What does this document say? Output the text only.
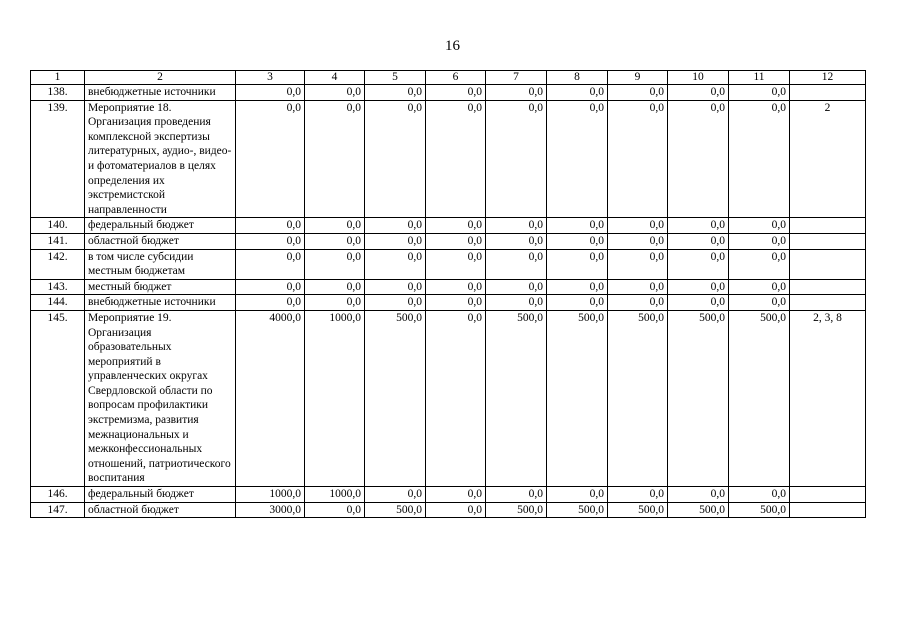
16
1	2	3	4	5	6	7	8	9	10	11	12
138.	внебюджетные источники	0,0	0,0	0,0	0,0	0,0	0,0	0,0	0,0	0,0	
139.	Мероприятие 18. Организация проведения комплексной экспертизы литературных, аудио-, видео- и фотоматериалов в целях определения их экстремистской направленности	0,0	0,0	0,0	0,0	0,0	0,0	0,0	0,0	0,0	2
140.	федеральный бюджет	0,0	0,0	0,0	0,0	0,0	0,0	0,0	0,0	0,0	
141.	областной бюджет	0,0	0,0	0,0	0,0	0,0	0,0	0,0	0,0	0,0	
142.	в том числе субсидии местным бюджетам	0,0	0,0	0,0	0,0	0,0	0,0	0,0	0,0	0,0	
143.	местный бюджет	0,0	0,0	0,0	0,0	0,0	0,0	0,0	0,0	0,0	
144.	внебюджетные источники	0,0	0,0	0,0	0,0	0,0	0,0	0,0	0,0	0,0	
145.	Мероприятие 19. Организация образовательных мероприятий в управленческих округах Свердловской области по вопросам профилактики экстремизма, развития межнациональных и межконфессиональных отношений, патриотического воспитания	4000,0	1000,0	500,0	0,0	500,0	500,0	500,0	500,0	500,0	2, 3, 8
146.	федеральный бюджет	1000,0	1000,0	0,0	0,0	0,0	0,0	0,0	0,0	0,0	
147.	областной бюджет	3000,0	0,0	500,0	0,0	500,0	500,0	500,0	500,0	500,0	
